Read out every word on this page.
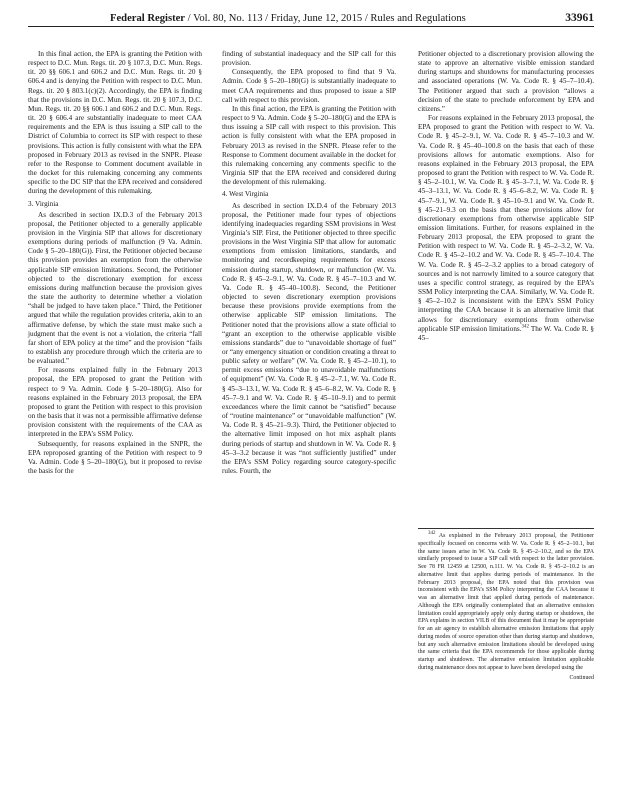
Federal Register / Vol. 80, No. 113 / Friday, June 12, 2015 / Rules and Regulations	33961

In this final action, the EPA is granting the Petition with respect to D.C. Mun. Regs. tit. 20 § 107.3, D.C. Mun. Regs. tit. 20 §§ 606.1 and 606.2 and D.C. Mun. Regs. tit. 20 § 606.4 and is denying the Petition with respect to D.C. Mun. Regs. tit. 20 § 803.1(c)(2). Accordingly, the EPA is finding that the provisions in D.C. Mun. Regs. tit. 20 § 107.3, D.C. Mun. Regs. tit. 20 §§ 606.1 and 606.2 and D.C. Mun. Regs. tit. 20 § 606.4 are substantially inadequate to meet CAA requirements and the EPA is thus issuing a SIP call to the District of Columbia to correct its SIP with respect to these provisions. This action is fully consistent with what the EPA proposed in February 2013 as revised in the SNPR. Please refer to the Response to Comment document available in the docket for this rulemaking concerning any comments specific to the DC SIP that the EPA received and considered during the development of this rulemaking.

3. Virginia

As described in section IX.D.3 of the February 2013 proposal, the Petitioner objected to a generally applicable provision in the Virginia SIP that allows for discretionary exemptions during periods of malfunction (9 Va. Admin. Code § 5–20–180(G)). First, the Petitioner objected because this provision provides an exemption from the otherwise applicable SIP emission limitations. Second, the Petitioner objected to the discretionary exemption for excess emissions during malfunction because the provision gives the state the authority to determine whether a violation “shall be judged to have taken place.” Third, the Petitioner argued that while the regulation provides criteria, akin to an affirmative defense, by which the state must make such a judgment that the event is not a violation, the criteria “fall far short of EPA policy at the time” and the provision “fails to establish any procedure through which the criteria are to be evaluated.”

For reasons explained fully in the February 2013 proposal, the EPA proposed to grant the Petition with respect to 9 Va. Admin. Code § 5–20–180(G). Also for reasons explained in the February 2013 proposal, the EPA proposed to grant the Petition with respect to this provision on the basis that it was not a permissible affirmative defense provision consistent with the requirements of the CAA as interpreted in the EPA’s SSM Policy.

Subsequently, for reasons explained in the SNPR, the EPA reproposed granting of the Petition with respect to 9 Va. Admin. Code § 5–20–180(G), but it proposed to revise the basis for the

finding of substantial inadequacy and the SIP call for this provision.

Consequently, the EPA proposed to find that 9 Va. Admin. Code § 5–20–180(G) is substantially inadequate to meet CAA requirements and thus proposed to issue a SIP call with respect to this provision.

In this final action, the EPA is granting the Petition with respect to 9 Va. Admin. Code § 5–20–180(G) and the EPA is thus issuing a SIP call with respect to this provision. This action is fully consistent with what the EPA proposed in February 2013 as revised in the SNPR. Please refer to the Response to Comment document available in the docket for this rulemaking concerning any comments specific to the Virginia SIP that the EPA received and considered during the development of this rulemaking.

4. West Virginia

As described in section IX.D.4 of the February 2013 proposal, the Petitioner made four types of objections identifying inadequacies regarding SSM provisions in West Virginia’s SIP. First, the Petitioner objected to three specific provisions in the West Virginia SIP that allow for automatic exemptions from emission limitations, standards, and monitoring and recordkeeping requirements for excess emission during startup, shutdown, or malfunction (W. Va. Code R. § 45–2–9.1, W. Va. Code R. § 45–7–10.3 and W. Va. Code R. § 45–40–100.8). Second, the Petitioner objected to seven discretionary exemption provisions because these provisions provide exemptions from the otherwise applicable SIP emission limitations. The Petitioner noted that the provisions allow a state official to “grant an exception to the otherwise applicable visible emissions standards” due to “unavoidable shortage of fuel” or “any emergency situation or condition creating a threat to public safety or welfare” (W. Va. Code R. § 45–2–10.1), to permit excess emissions “due to unavoidable malfunctions of equipment” (W. Va. Code R. § 45–2–7.1, W. Va. Code R. § 45–3–13.1, W. Va. Code R. § 45–6–8.2, W. Va. Code R. § 45–7–9.1 and W. Va. Code R. § 45–10–9.1) and to permit exceedances where the limit cannot be “satisfied” because of “routine maintenance” or “unavoidable malfunction” (W. Va. Code R. § 45–21–9.3). Third, the Petitioner objected to the alternative limit imposed on hot mix asphalt plants during periods of startup and shutdown in W. Va. Code R. § 45–3–3.2 because it was “not sufficiently justified” under the EPA’s SSM Policy regarding source category-specific rules. Fourth, the

Petitioner objected to a discretionary provision allowing the state to approve an alternative visible emission standard during startups and shutdowns for manufacturing processes and associated operations (W. Va. Code R. § 45–7–10.4). The Petitioner argued that such a provision “allows a decision of the state to preclude enforcement by EPA and citizens.”

For reasons explained in the February 2013 proposal, the EPA proposed to grant the Petition with respect to W. Va. Code R. § 45–2–9.1, W. Va. Code R. § 45–7–10.3 and W. Va. Code R. § 45–40–100.8 on the basis that each of these provisions allows for automatic exemptions. Also for reasons explained in the February 2013 proposal, the EPA proposed to grant the Petition with respect to W. Va. Code R. § 45–2–10.1, W. Va. Code R. § 45–3–7.1, W. Va. Code R. § 45–3–13.1, W. Va. Code R. § 45–6–8.2, W. Va. Code R. § 45–7–9.1, W. Va. Code R. § 45–10–9.1 and W. Va. Code R. § 45–21–9.3 on the basis that these provisions allow for discretionary exemptions from otherwise applicable SIP emission limitations. Further, for reasons explained in the February 2013 proposal, the EPA proposed to grant the Petition with respect to W. Va. Code R. § 45–2–3.2, W. Va. Code R. § 45–2–10.2 and W. Va. Code R. § 45–7–10.4. The W. Va. Code R. § 45–2–3.2 applies to a broad category of sources and is not narrowly limited to a source category that uses a specific control strategy, as required by the EPA’s SSM Policy interpreting the CAA. Similarly, W. Va. Code R. § 45–2–10.2 is inconsistent with the EPA’s SSM Policy interpreting the CAA because it is an alternative limit that allows for discretionary exemptions from otherwise applicable SIP emission limitations.$^{342}$ The W. Va. Code R. § 45–

$^{342}$ As explained in the February 2013 proposal, the Petitioner specifically focused on concerns with W. Va. Code R. § 45–2–10.1, but the same issues arise in W. Va. Code R. § 45–2–10.2, and so the EPA similarly proposed to issue a SIP call with respect to the latter provision. See 78 FR 12459 at 12500, n.111. W. Va. Code R. § 45–2–10.2 is an alternative limit that applies during periods of maintenance. In the February 2013 proposal, the EPA noted that this provision was inconsistent with the EPA’s SSM Policy interpreting the CAA because it was an alternative limit that applied during periods of maintenance. Although the EPA originally contemplated that an alternative emission limitation could appropriately apply only during startup or shutdown, the EPA explains in section VII.B of this document that it may be appropriate for an air agency to establish alternative emission limitations that apply during modes of source operation other than during startup and shutdown, but any such alternative emission limitations should be developed using the same criteria that the EPA recommends for those applicable during startup and shutdown. The alternative emission limitation applicable during maintenance does not appear to have been developed using the

Continued
